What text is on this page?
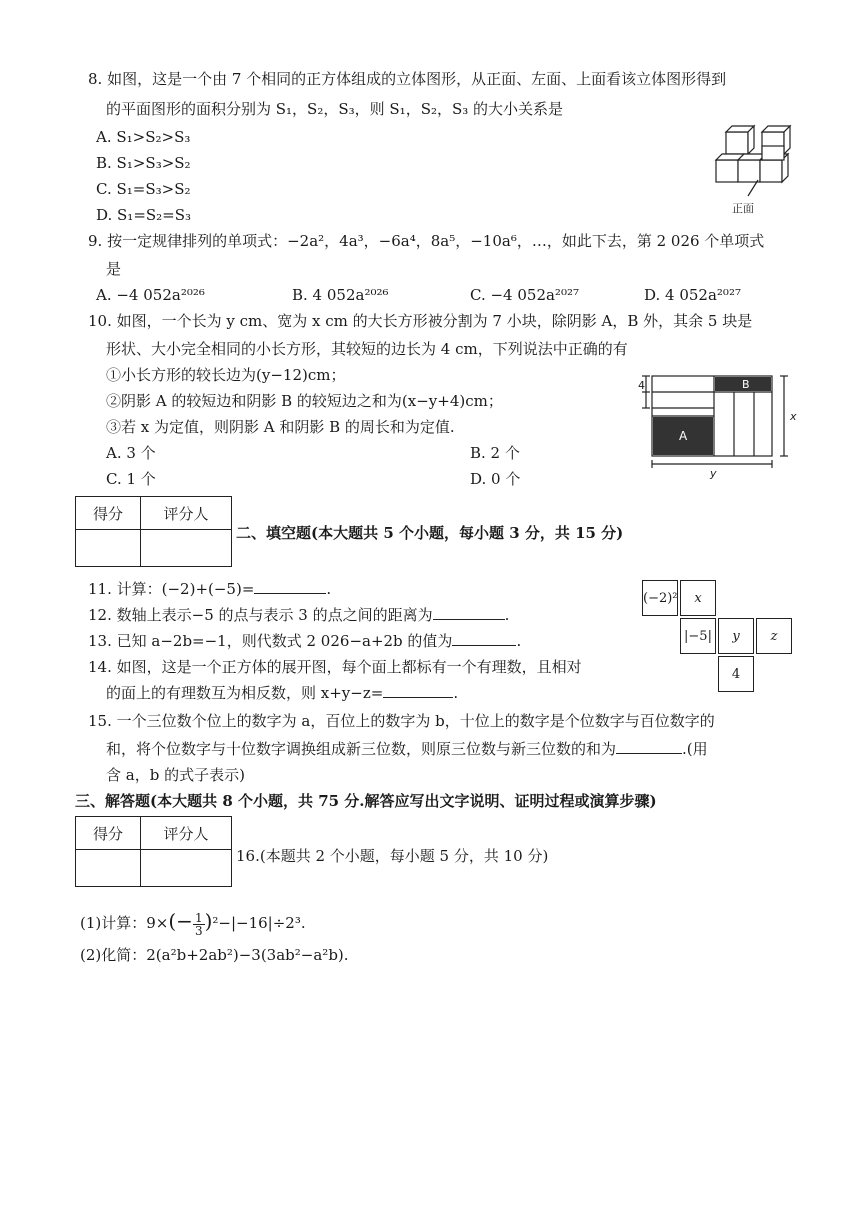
8. 如图，这是一个由 7 个相同的正方体组成的立体图形，从正面、左面、上面看该立体图形得到
的平面图形的面积分别为 S₁，S₂，S₃，则 S₁，S₂，S₃ 的大小关系是
A. S₁>S₂>S₃
B. S₁>S₃>S₂
C. S₁=S₃>S₂
D. S₁=S₂=S₃	正面
9. 按一定规律排列的单项式：−2a²，4a³，−6a⁴，8a⁵，−10a⁶，…，如此下去，第 2 026 个单项式
是
A. −4 052a²⁰²⁶	B. 4 052a²⁰²⁶	C. −4 052a²⁰²⁷	D. 4 052a²⁰²⁷
10. 如图，一个长为 y cm、宽为 x cm 的大长方形被分割为 7 小块，除阴影 A，B 外，其余 5 块是
形状、大小完全相同的小长方形，其较短的边长为 4 cm，下列说法中正确的有
①小长方形的较长边为(y−12)cm；
②阴影 A 的较短边和阴影 B 的较短边之和为(x−y+4)cm；
③若 x 为定值，则阴影 A 和阴影 B 的周长和为定值.
A. 3 个	B. 2 个
C. 1 个	D. 0 个
4
x
y
A
B
得分	评分人

二、填空题(本大题共 5 个小题，每小题 3 分，共 15 分)
11. 计算：(−2)+(−5)=	.
12. 数轴上表示−5 的点与表示 3 的点之间的距离为	.
13. 已知 a−2b=−1，则代数式 2 026−a+2b 的值为	.
14. 如图，这是一个正方体的展开图，每个面上都标有一个有理数，且相对
的面上的有理数互为相反数，则 x+y−z=	.
15. 一个三位数个位上的数字为 a，百位上的数字为 b，十位上的数字是个位数字与百位数字的
和，将个位数字与十位数字调换组成新三位数，则原三位数与新三位数的和为	.(用
含 a，b 的式子表示)
(−2)²	x
|−5|	y	z
4
三、解答题(本大题共 8 个小题，共 75 分.解答应写出文字说明、证明过程或演算步骤)
得分	评分人

16.(本题共 2 个小题，每小题 5 分，共 10 分)
(1)计算：$9\times(- \frac{1}{3} )^2-|-16|\div 2^3$.
(2)化简：2(a²b+2ab²)−3(3ab²−a²b).
